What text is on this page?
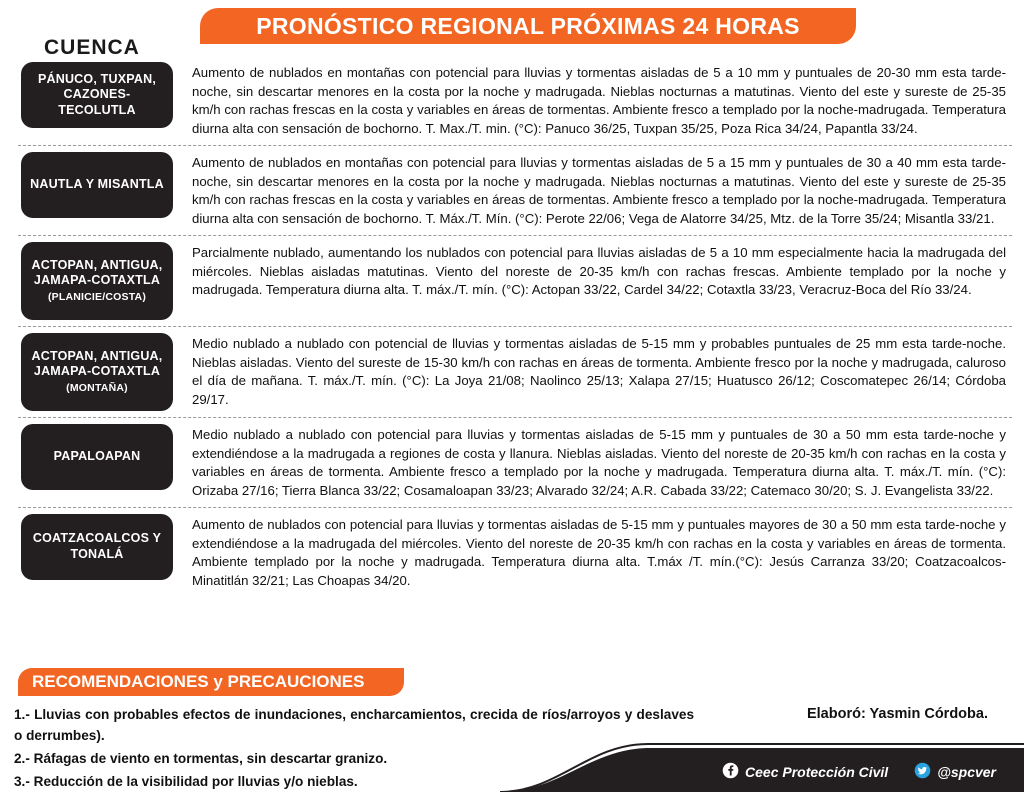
PRONÓSTICO REGIONAL PRÓXIMAS 24 HORAS
CUENCA
PÁNUCO, TUXPAN, CAZONES-TECOLUTLA
Aumento de nublados en montañas con potencial para lluvias y tormentas aisladas de 5 a 10 mm y puntuales de 20-30 mm esta tarde-noche, sin descartar menores en la costa por la noche y madrugada. Nieblas nocturnas a matutinas. Viento del este y sureste de 25-35 km/h con rachas frescas en la costa y variables en áreas de tormentas. Ambiente fresco a templado por la noche-madrugada. Temperatura diurna alta con sensación de bochorno. T. Max./T. min. (°C): Panuco 36/25, Tuxpan 35/25, Poza Rica 34/24, Papantla 33/24.
NAUTLA Y MISANTLA
Aumento de nublados en montañas con potencial para lluvias y tormentas aisladas de 5 a 15 mm y puntuales de 30 a 40 mm esta tarde-noche, sin descartar menores en la costa por la noche y madrugada. Nieblas nocturnas a matutinas. Viento del este y sureste de 25-35 km/h con rachas frescas en la costa y variables en áreas de tormentas. Ambiente fresco a templado por la noche-madrugada. Temperatura diurna alta con sensación de bochorno. T. Máx./T. Mín. (°C): Perote 22/06; Vega de Alatorre 34/25, Mtz. de la Torre 35/24; Misantla 33/21.
ACTOPAN, ANTIGUA, JAMAPA-COTAXTLA
(PLANICIE/COSTA)
Parcialmente nublado, aumentando los nublados con potencial para lluvias aisladas de 5 a 10 mm especialmente hacia la madrugada del miércoles. Nieblas aisladas matutinas. Viento del noreste de 20-35 km/h con rachas frescas. Ambiente templado por la noche y madrugada. Temperatura diurna alta. T. máx./T. mín. (°C): Actopan 33/22, Cardel 34/22; Cotaxtla 33/23, Veracruz-Boca del Río 33/24.
ACTOPAN, ANTIGUA, JAMAPA-COTAXTLA
(MONTAÑA)
Medio nublado a nublado con potencial de lluvias y tormentas aisladas de 5-15 mm y probables puntuales de 25 mm esta tarde-noche. Nieblas aisladas. Viento del sureste de 15-30 km/h con rachas en áreas de tormenta. Ambiente fresco por la noche y madrugada, caluroso el día de mañana. T. máx./T. mín. (°C): La Joya 21/08; Naolinco 25/13; Xalapa 27/15; Huatusco 26/12; Coscomatepec 26/14; Córdoba 29/17.
PAPALOAPAN
Medio nublado a nublado con potencial para lluvias y tormentas aisladas de 5-15 mm y puntuales de 30 a 50 mm esta tarde-noche y extendiéndose a la madrugada a regiones de costa y llanura. Nieblas aisladas. Viento del noreste de 20-35 km/h con rachas en la costa y variables en áreas de tormenta. Ambiente fresco a templado por la noche y madrugada. Temperatura diurna alta. T. máx./T. mín. (°C): Orizaba 27/16; Tierra Blanca 33/22; Cosamaloapan 33/23; Alvarado 32/24; A.R. Cabada 33/22; Catemaco 30/20; S. J. Evangelista 33/22.
COATZACOALCOS Y TONALÁ
Aumento de nublados con potencial para lluvias y tormentas aisladas de 5-15 mm y puntuales mayores de 30 a 50 mm esta tarde-noche y extendiéndose a la madrugada del miércoles. Viento del noreste de 20-35 km/h con rachas en la costa y variables en áreas de tormenta. Ambiente templado por la noche y madrugada. Temperatura diurna alta. T.máx /T. mín.(°C): Jesús Carranza 33/20; Coatzacoalcos-Minatitlán 32/21; Las Choapas 34/20.
RECOMENDACIONES y PRECAUCIONES

1.- Lluvias con probables efectos de inundaciones, encharcamientos, crecida de ríos/arroyos y deslaves o derrumbes).

2.- Ráfagas de viento en tormentas, sin descartar granizo.

3.- Reducción de la visibilidad por lluvias y/o nieblas.

Elaboró: Yasmin Córdoba.
Ceec Protección Civil	@spcver
